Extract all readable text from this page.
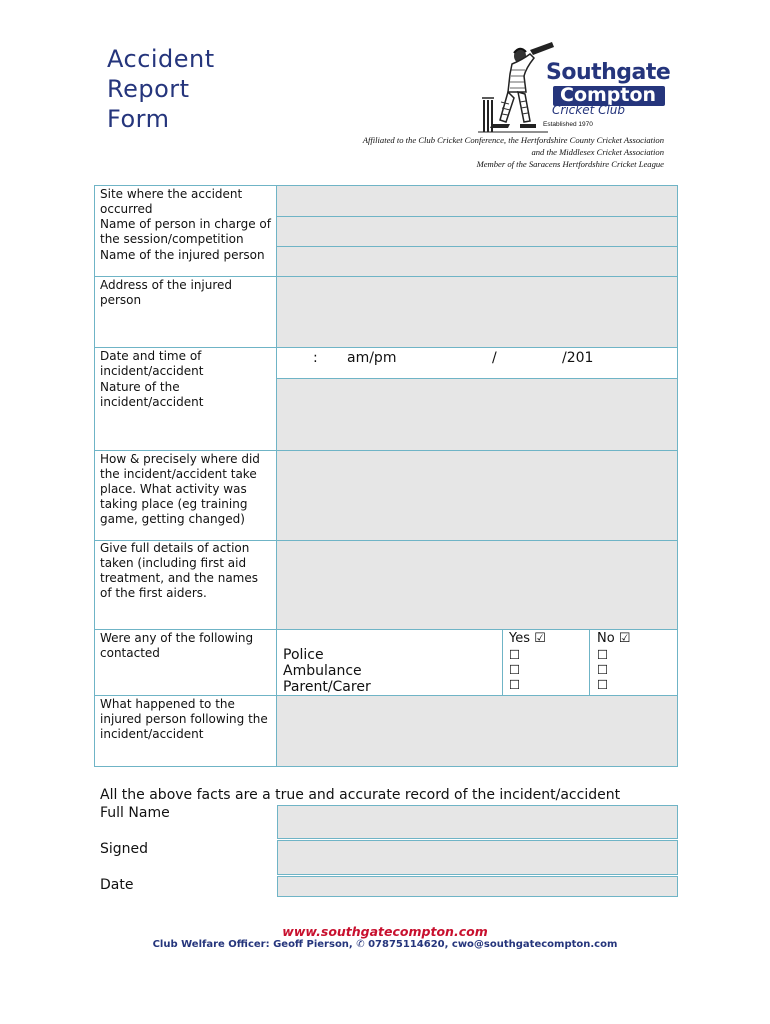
Accident
Report
Form
Southgate
Compton
Cricket Club
Established 1970
Affiliated to the Club Cricket Conference, the Hertfordshire County Cricket Association
and the Middlesex Cricket Association
Member of the Saracens Hertfordshire Cricket League
Site where the accident occurred
Name of person in charge of the session/competition
Name of the injured person
Address of the injured person
Date and time of incident/accident
Nature of the incident/accident
How & precisely where did the incident/accident take place. What activity was taking place (eg training game, getting changed)
Give full details of action taken (including first aid treatment, and the names of the first aiders.
Were any of the following contacted
What happened to the injured person following the incident/accident
: am/pm	/	/201
Police
Ambulance
Parent/Carer
Yes ☑
☐
☐
☐
No ☑
☐
☐
☐
All the above facts are a true and accurate record of the incident/accident
Full Name
Signed
Date
www.southgatecompton.com
Club Welfare Officer: Geoff Pierson, ✆ 07875114620, cwo@southgatecompton.com
